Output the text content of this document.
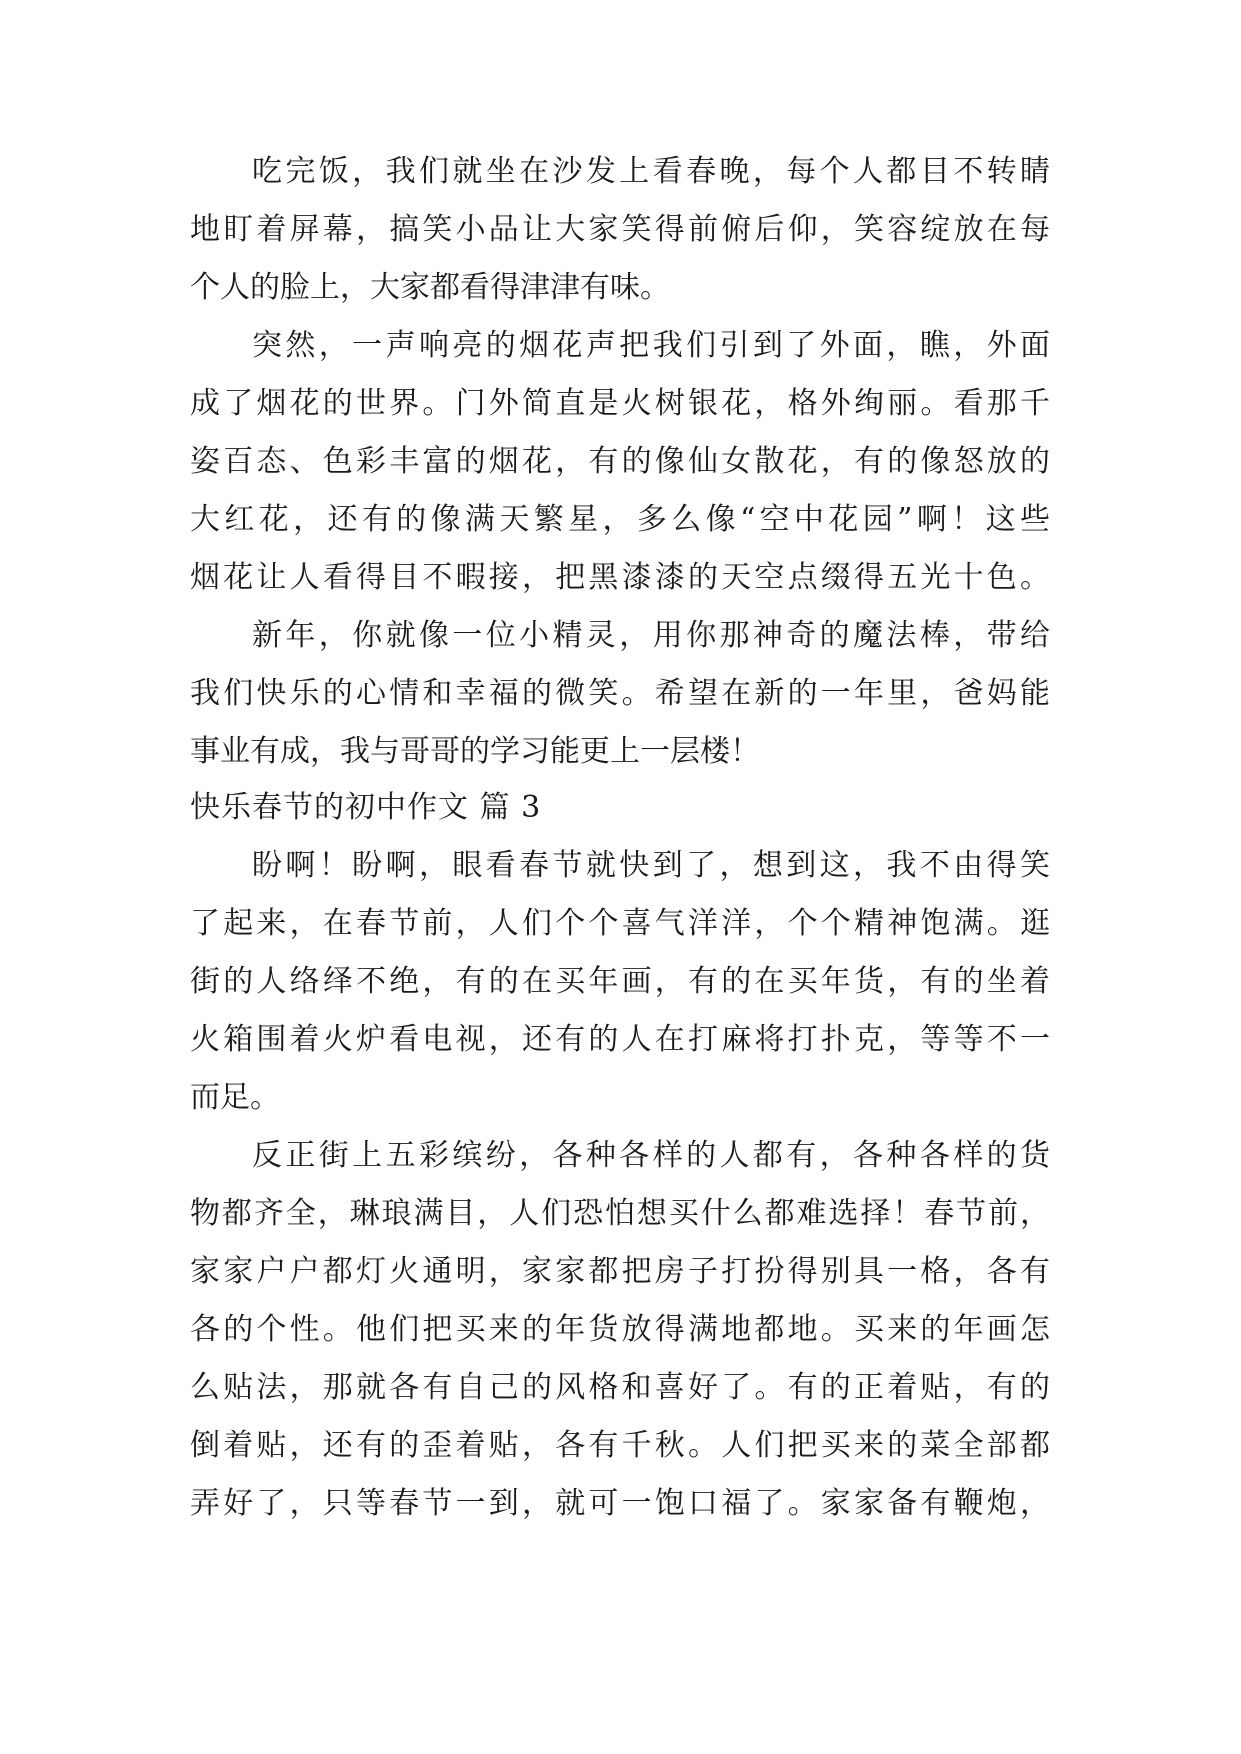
吃完饭，我们就坐在沙发上看春晚，每个人都目不转睛
地盯着屏幕，搞笑小品让大家笑得前俯后仰，笑容绽放在每
个人的脸上，大家都看得津津有味。
突然，一声响亮的烟花声把我们引到了外面，瞧，外面
成了烟花的世界。门外简直是火树银花，格外绚丽。看那千
姿百态、色彩丰富的烟花，有的像仙女散花，有的像怒放的
大红花，还有的像满天繁星，多么像“空中花园”啊！这些
烟花让人看得目不暇接，把黑漆漆的天空点缀得五光十色。
新年，你就像一位小精灵，用你那神奇的魔法棒，带给
我们快乐的心情和幸福的微笑。希望在新的一年里，爸妈能
事业有成，我与哥哥的学习能更上一层楼！
快乐春节的初中作文 篇 3
盼啊！盼啊，眼看春节就快到了，想到这，我不由得笑
了起来，在春节前，人们个个喜气洋洋，个个精神饱满。逛
街的人络绎不绝，有的在买年画，有的在买年货，有的坐着
火箱围着火炉看电视，还有的人在打麻将打扑克，等等不一
而足。
反正街上五彩缤纷，各种各样的人都有，各种各样的货
物都齐全，琳琅满目，人们恐怕想买什么都难选择！春节前，
家家户户都灯火通明，家家都把房子打扮得别具一格，各有
各的个性。他们把买来的年货放得满地都地。买来的年画怎
么贴法，那就各有自己的风格和喜好了。有的正着贴，有的
倒着贴，还有的歪着贴，各有千秋。人们把买来的菜全部都
弄好了，只等春节一到，就可一饱口福了。家家备有鞭炮，
